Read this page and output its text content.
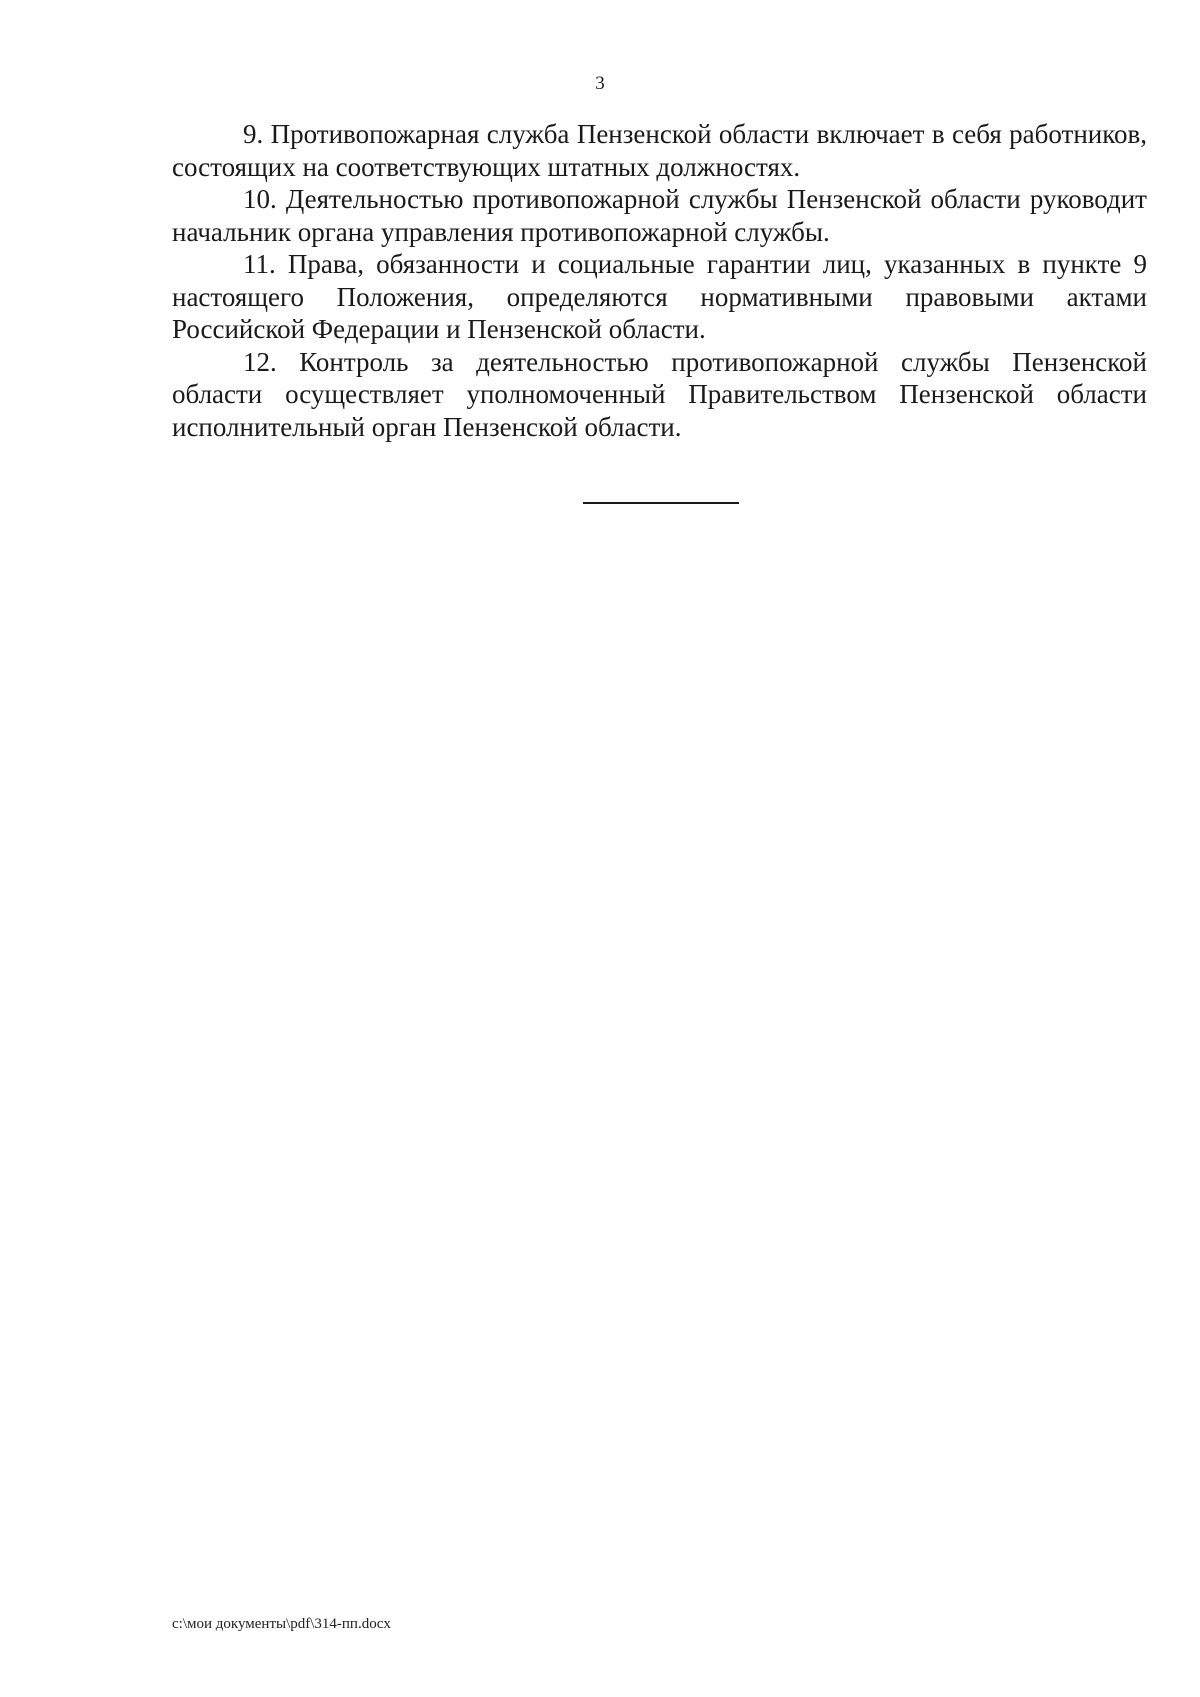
3

9. Противопожарная служба Пензенской области включает в себя работников, состоящих на соответствующих штатных должностях.

10. Деятельностью противопожарной службы Пензенской области руководит начальник органа управления противопожарной службы.

11. Права, обязанности и социальные гарантии лиц, указанных в пункте 9 настоящего Положения, определяются нормативными правовыми актами Российской Федерации и Пензенской области.

12. Контроль за деятельностью противопожарной службы Пензенской области осуществляет уполномоченный Правительством Пензенской области исполнительный орган Пензенской области.

c:\мои документы\pdf\314-пп.docx
